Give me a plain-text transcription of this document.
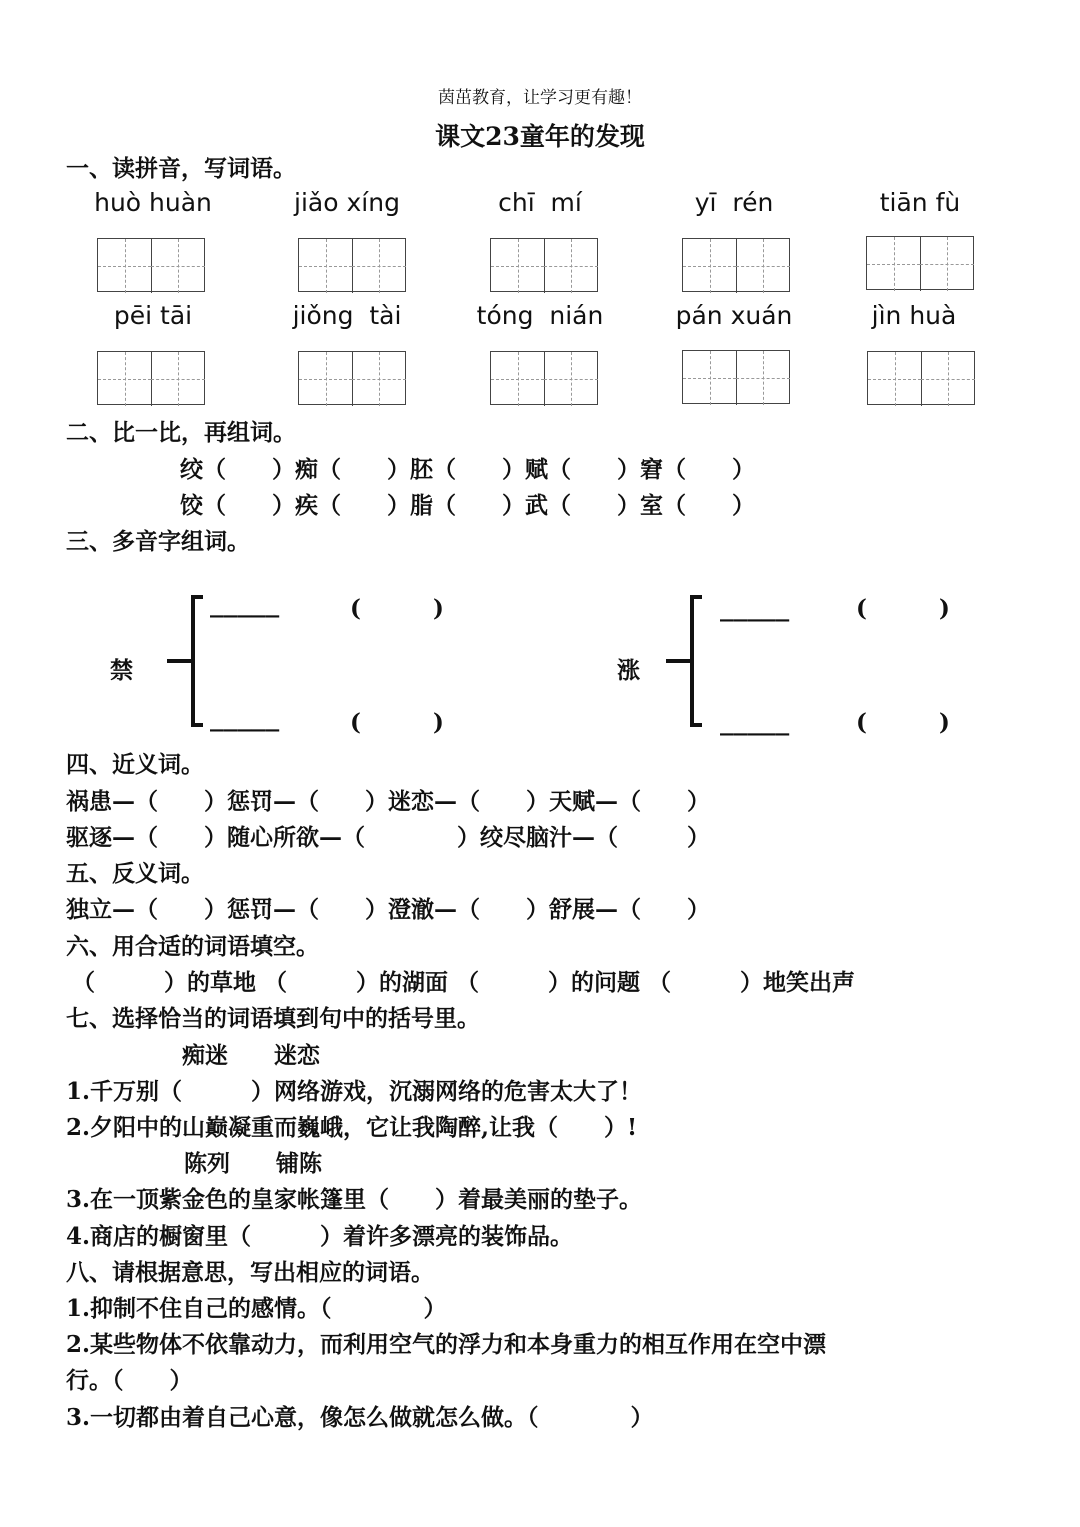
茵茁教育，让学习更有趣！
课文23童年的发现
一、读拼音，写词语。
huò huàn	jiǎo xíng	chī  mí	yī  rén	tiān fù
pēi tāi	jiǒng  tài	tóng  nián	pán xuán	jìn huà
二、比一比，再组词。
绞（　　）痴（　　）胚（　　）赋（　　）窘（　　）
饺（　　）疾（　　）脂（　　）武（　　）室（　　）
三、多音字组词。
禁
_____	(         )
_____	(         )
涨
_____	(         )
_____	(         )
四、近义词。
祸患—（　　）惩罚—（　　）迷恋—（　　）天赋—（　　）
驱逐—（　　）随心所欲—（　　　　）绞尽脑汁—（　　　）
五、反义词。
独立—（　　）惩罚—（　　）澄澈—（　　）舒展—（　　）
六、用合适的词语填空。
（　　　）的草地 （　　　）的湖面 （　　　）的问题 （　　　）地笑出声
七、选择恰当的词语填到句中的括号里。
痴迷　　迷恋
1.千万别（　　　）网络游戏，沉溺网络的危害太大了！
2.夕阳中的山巅凝重而巍峨，它让我陶醉,让我（　　）!
陈列　　铺陈
3.在一顶紫金色的皇家帐篷里（　　）着最美丽的垫子。
4.商店的橱窗里（　　　）着许多漂亮的装饰品。
八、请根据意思，写出相应的词语。
1.抑制不住自己的感情。（　　　　）
2.某些物体不依靠动力，而利用空气的浮力和本身重力的相互作用在空中漂
行。（　　）
3.一切都由着自己心意，像怎么做就怎么做。（　　　　）
